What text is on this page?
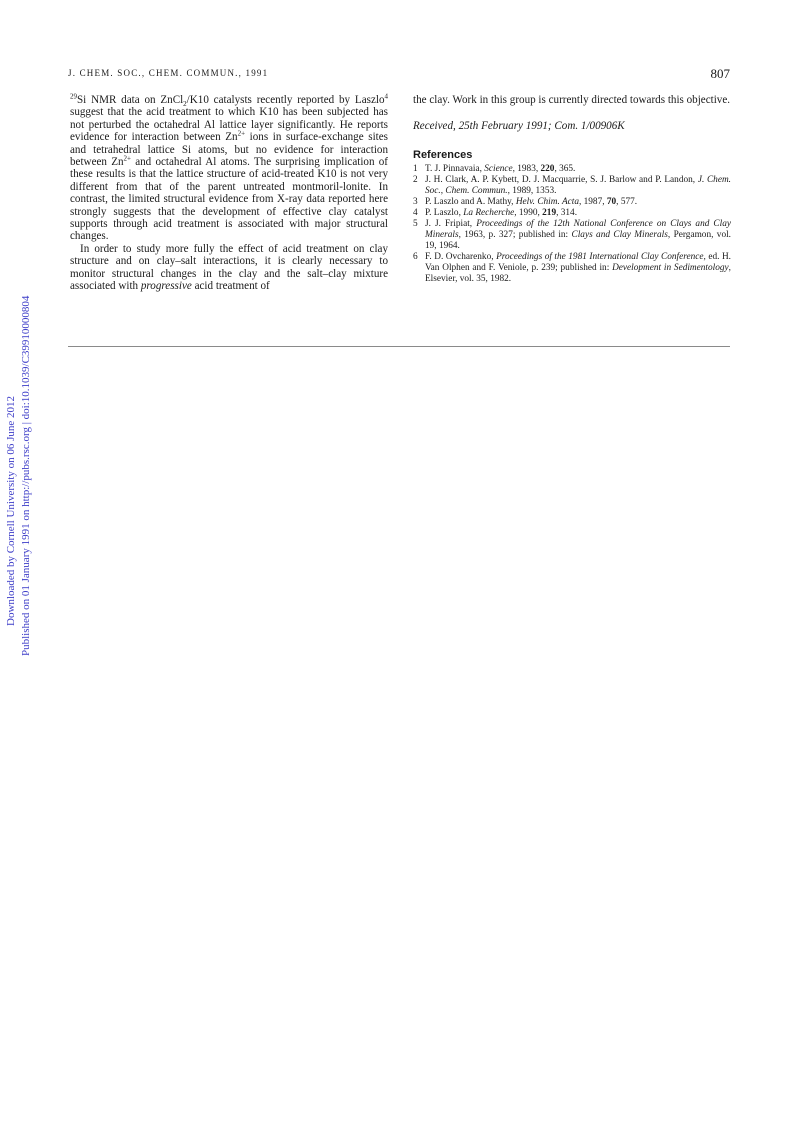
J. CHEM. SOC., CHEM. COMMUN., 1991	807
Downloaded by Cornell University on 06 June 2012 Published on 01 January 1991 on http://pubs.rsc.org | doi:10.1039/C39910000804

$^{29}$Si NMR data on ZnCl$_2$/K10 catalysts recently reported by Laszlo$^4$ suggest that the acid treatment to which K10 has been subjected has not perturbed the octahedral Al lattice layer significantly. He reports evidence for interaction between $Zn^{2+}$ ions in surface-exchange sites and tetrahedral lattice Si atoms, but no evidence for interaction between $Zn^{2+}$ and octahedral Al atoms. The surprising implication of these results is that the lattice structure of acid-treated K10 is not very different from that of the parent untreated montmoril-lonite. In contrast, the limited structural evidence from X-ray data reported here strongly suggests that the development of effective clay catalyst supports through acid treatment is associated with major structural changes.

In order to study more fully the effect of acid treatment on clay structure and on clay–salt interactions, it is clearly necessary to monitor structural changes in the clay and the salt–clay mixture associated with progressive acid treatment of

the clay. Work in this group is currently directed towards this objective.

Received, 25th February 1991; Com. 1/00906K

References

1 T. J. Pinnavaia, Science, 1983, 220, 365.
2 J. H. Clark, A. P. Kybett, D. J. Macquarrie, S. J. Barlow and P. Landon, J. Chem. Soc., Chem. Commun., 1989, 1353.
3 P. Laszlo and A. Mathy, Helv. Chim. Acta, 1987, 70, 577.
4 P. Laszlo, La Recherche, 1990, 219, 314.
5 J. J. Fripiat, Proceedings of the 12th National Conference on Clays and Clay Minerals, 1963, p. 327; published in: Clays and Clay Minerals, Pergamon, vol. 19, 1964.
6 F. D. Ovcharenko, Proceedings of the 1981 International Clay Conference, ed. H. Van Olphen and F. Veniole, p. 239; published in: Development in Sedimentology, Elsevier, vol. 35, 1982.
